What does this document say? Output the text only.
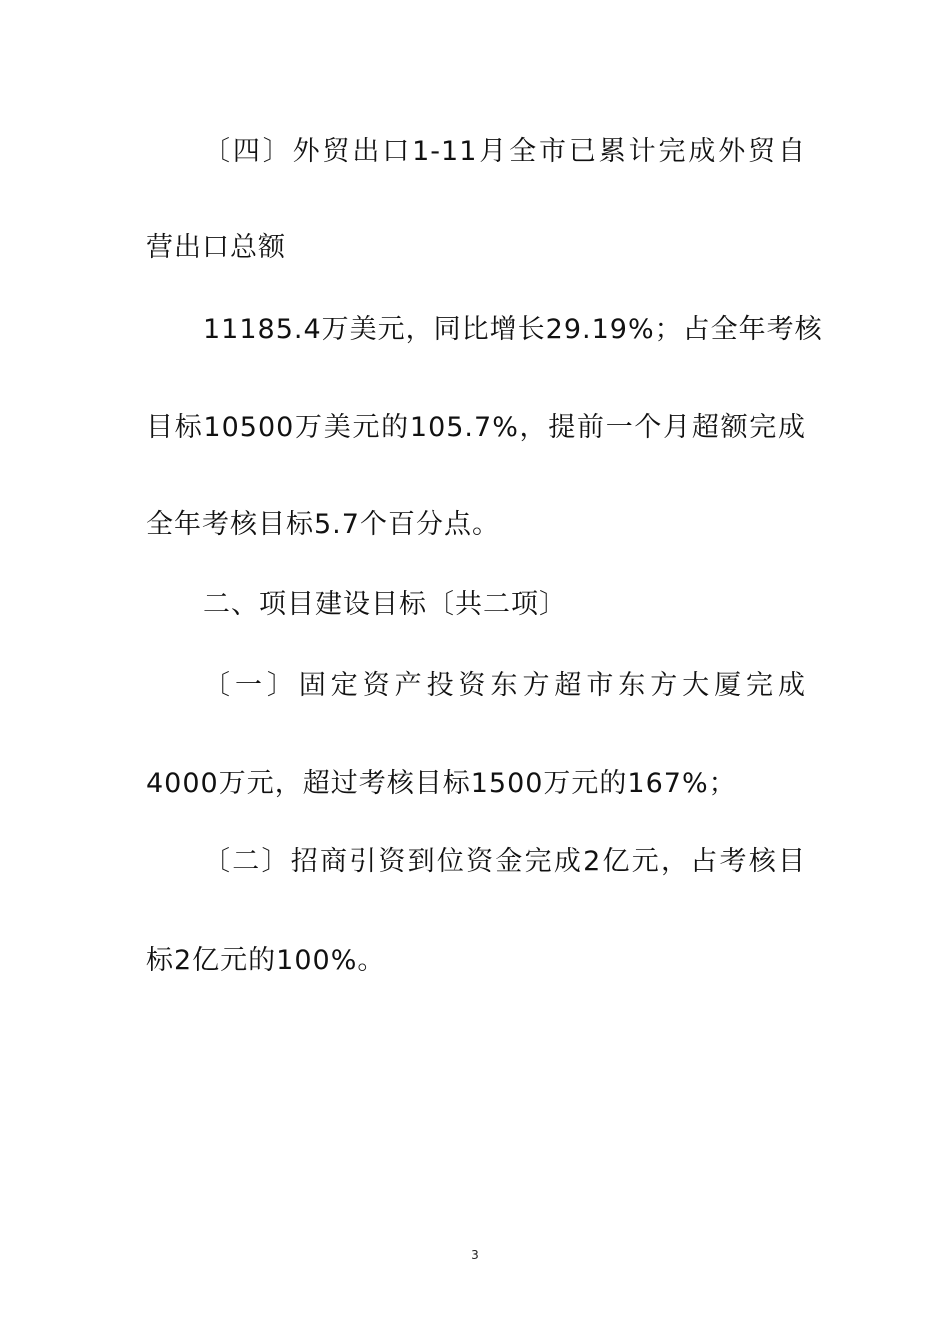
〔四〕外贸出口1-11月全市已累计完成外贸自
营出口总额
11185.4万美元，同比增长29.19%；占全年考核
目标10500万美元的105.7%，提前一个月超额完成
全年考核目标5.7个百分点。
二、项目建设目标〔共二项〕
〔一〕固定资产投资东方超市东方大厦完成
4000万元，超过考核目标1500万元的167%；
〔二〕招商引资到位资金完成2亿元，占考核目
标2亿元的100%。
3
